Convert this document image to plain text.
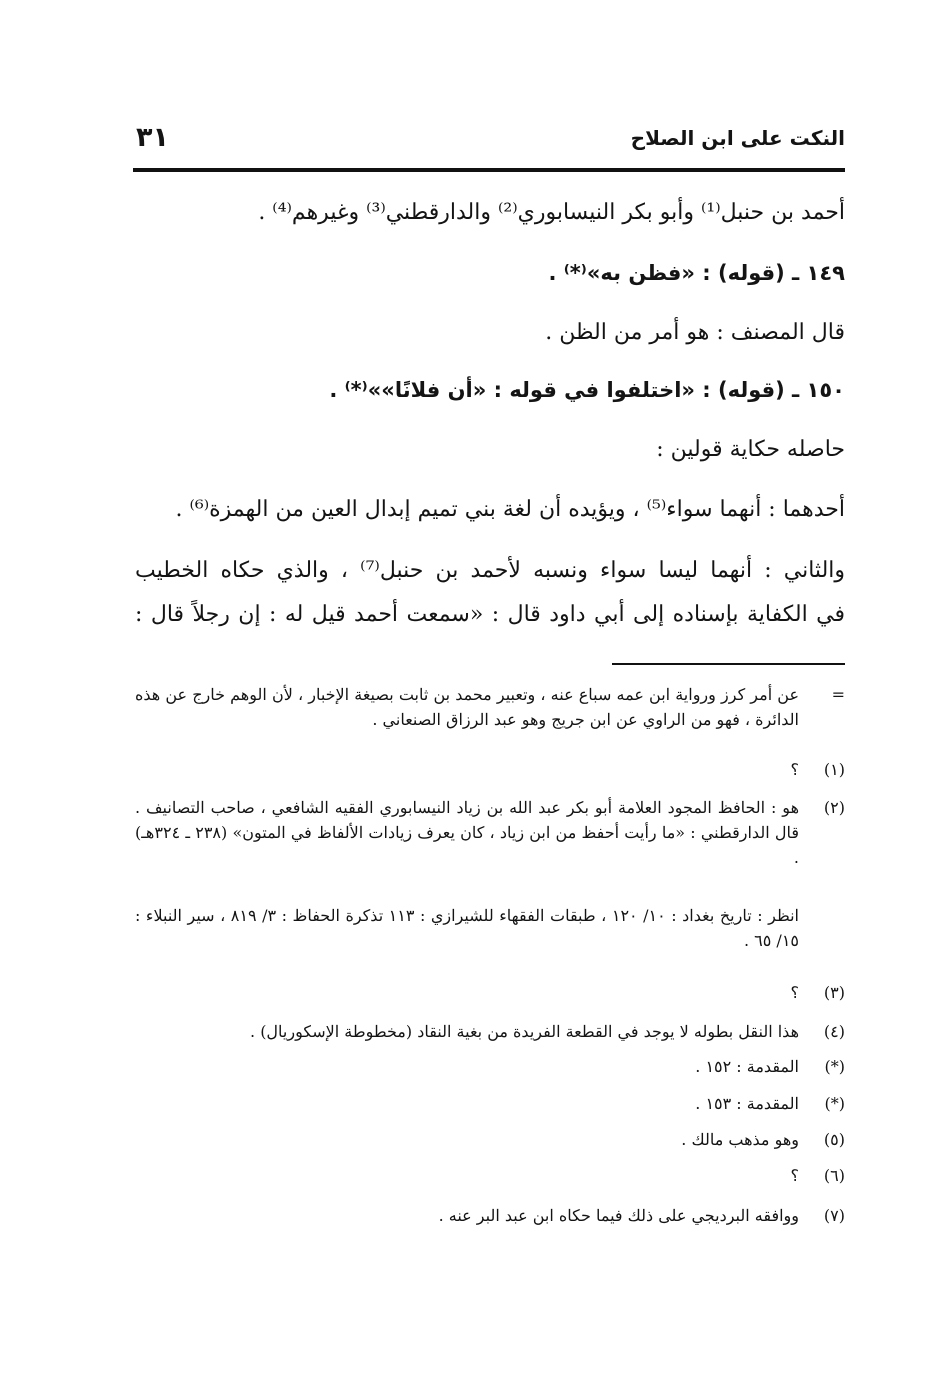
النكت على ابن الصلاح
٣١

أحمد بن حنبل⁽¹⁾ وأبو بكر النيسابوري⁽²⁾ والدارقطني⁽³⁾ وغيرهم⁽⁴⁾ .

١٤٩ ـ (قوله) : «فظن به»⁽*⁾ .

قال المصنف : هو أمر من الظن .

١٥٠ ـ (قوله) : «اختلفوا في قوله : «أن فلانًا»»⁽*⁾ .

حاصله حكاية قولين :

أحدهما : أنهما سواء⁽⁵⁾ ، ويؤيده أن لغة بني تميم إبدال العين من الهمزة⁽⁶⁾ .

والثاني : أنهما ليسا سواء ونسبه لأحمد بن حنبل⁽⁷⁾ ، والذي حكاه الخطيب

في الكفاية بإسناده إلى أبي داود قال : «سمعت أحمد قيل له : إن رجلاً قال :

=
عن أمر كرز ورواية ابن عمه سباع عنه ، وتعبير محمد بن ثابت بصيغة الإخبار ، لأن الوهم خارج عن هذه الدائرة ، فهو من الراوي عن ابن جريج وهو عبد الرزاق الصنعاني .
(١)
؟
(٢)
هو : الحافظ المجود العلامة أبو بكر عبد الله بن زياد النيسابوري الفقيه الشافعي ، صاحب التصانيف . قال الدارقطني : «ما رأيت أحفظ من ابن زياد ، كان يعرف زيادات الألفاظ في المتون» (٢٣٨ ـ ٣٢٤هـ) .
انظر : تاريخ بغداد : ١٠/ ١٢٠ ، طبقات الفقهاء للشيرازي : ١١٣ تذكرة الحفاظ : ٣/ ٨١٩ ، سير النبلاء : ١٥/ ٦٥ .
(٣)
؟
(٤)
هذا النقل بطوله لا يوجد في القطعة الفريدة من بغية النقاد (مخطوطة الإسكوريال) .
(*)
المقدمة : ١٥٢ .
(*)
المقدمة : ١٥٣ .
(٥)
وهو مذهب مالك .
(٦)
؟
(٧)
ووافقه البرديجي على ذلك فيما حكاه ابن عبد البر عنه .
